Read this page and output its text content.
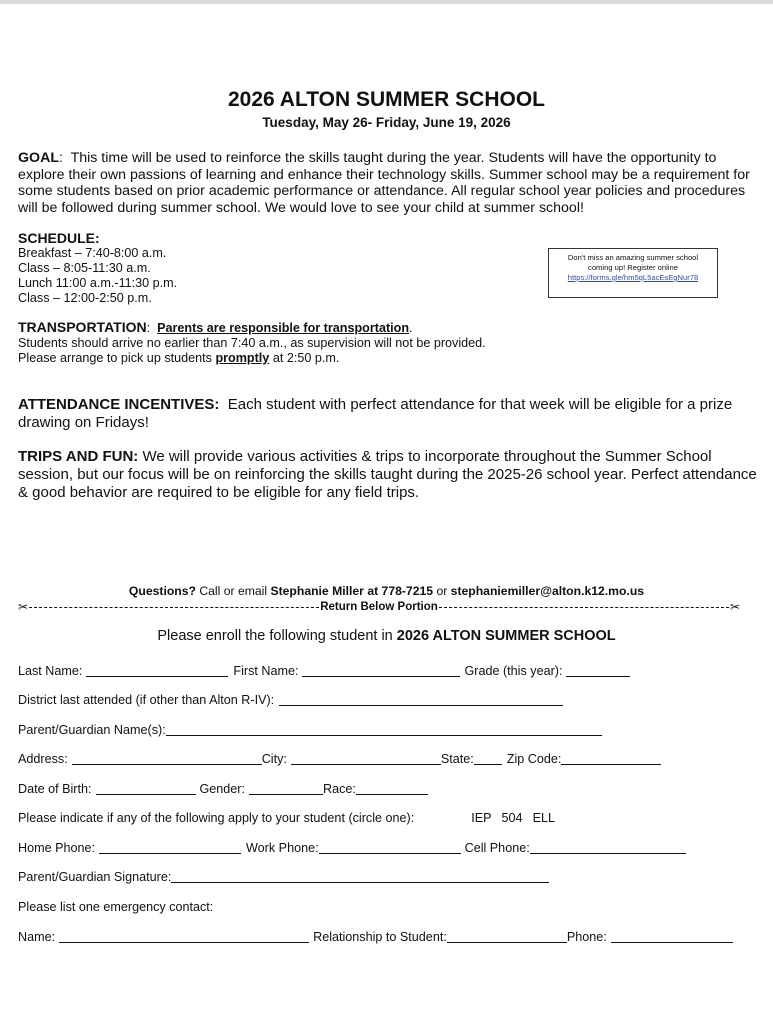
2026 ALTON SUMMER SCHOOL
Tuesday, May 26- Friday, June 19, 2026
GOAL:  This time will be used to reinforce the skills taught during the year. Students will have the opportunity to explore their own passions of learning and enhance their technology skills. Summer school may be a requirement for some students based on prior academic performance or attendance. All regular school year policies and procedures will be followed during summer school. We would love to see your child at summer school!
SCHEDULE:
Breakfast – 7:40-8:00 a.m.
Class – 8:05-11:30 a.m.
Lunch 11:00 a.m.-11:30 p.m.
Class – 12:00-2:50 p.m.
Don't miss an amazing summer school
coming up! Register online
https://forms.gle/hm5qL5acEsEgNur78
TRANSPORTATION:  Parents are responsible for transportation.
Students should arrive no earlier than 7:40 a.m., as supervision will not be provided.
Please arrange to pick up students promptly at 2:50 p.m.
ATTENDANCE INCENTIVES: Each student with perfect attendance for that week will be eligible for a prize drawing on Fridays!
TRIPS AND FUN: We will provide various activities & trips to incorporate throughout the Summer School session, but our focus will be on reinforcing the skills taught during the 2025-26 school year. Perfect attendance & good behavior are required to be eligible for any field trips.
Questions? Call or email Stephanie Miller at 778-7215 or stephaniemiller@alton.k12.mo.us
✂	Return Below Portion	✂
Please enroll the following student in 2026 ALTON SUMMER SCHOOL
Last Name:	First Name:	Grade (this year):
District last attended (if other than Alton R-IV):
Parent/Guardian Name(s):
Address:	City:	State:	Zip Code:
Date of Birth:	Gender:	Race:
Please indicate if any of the following apply to your student (circle one):	IEP 504 ELL
Home Phone:	Work Phone:	Cell Phone:
Parent/Guardian Signature:
Please list one emergency contact:
Name:	Relationship to Student:	Phone:
